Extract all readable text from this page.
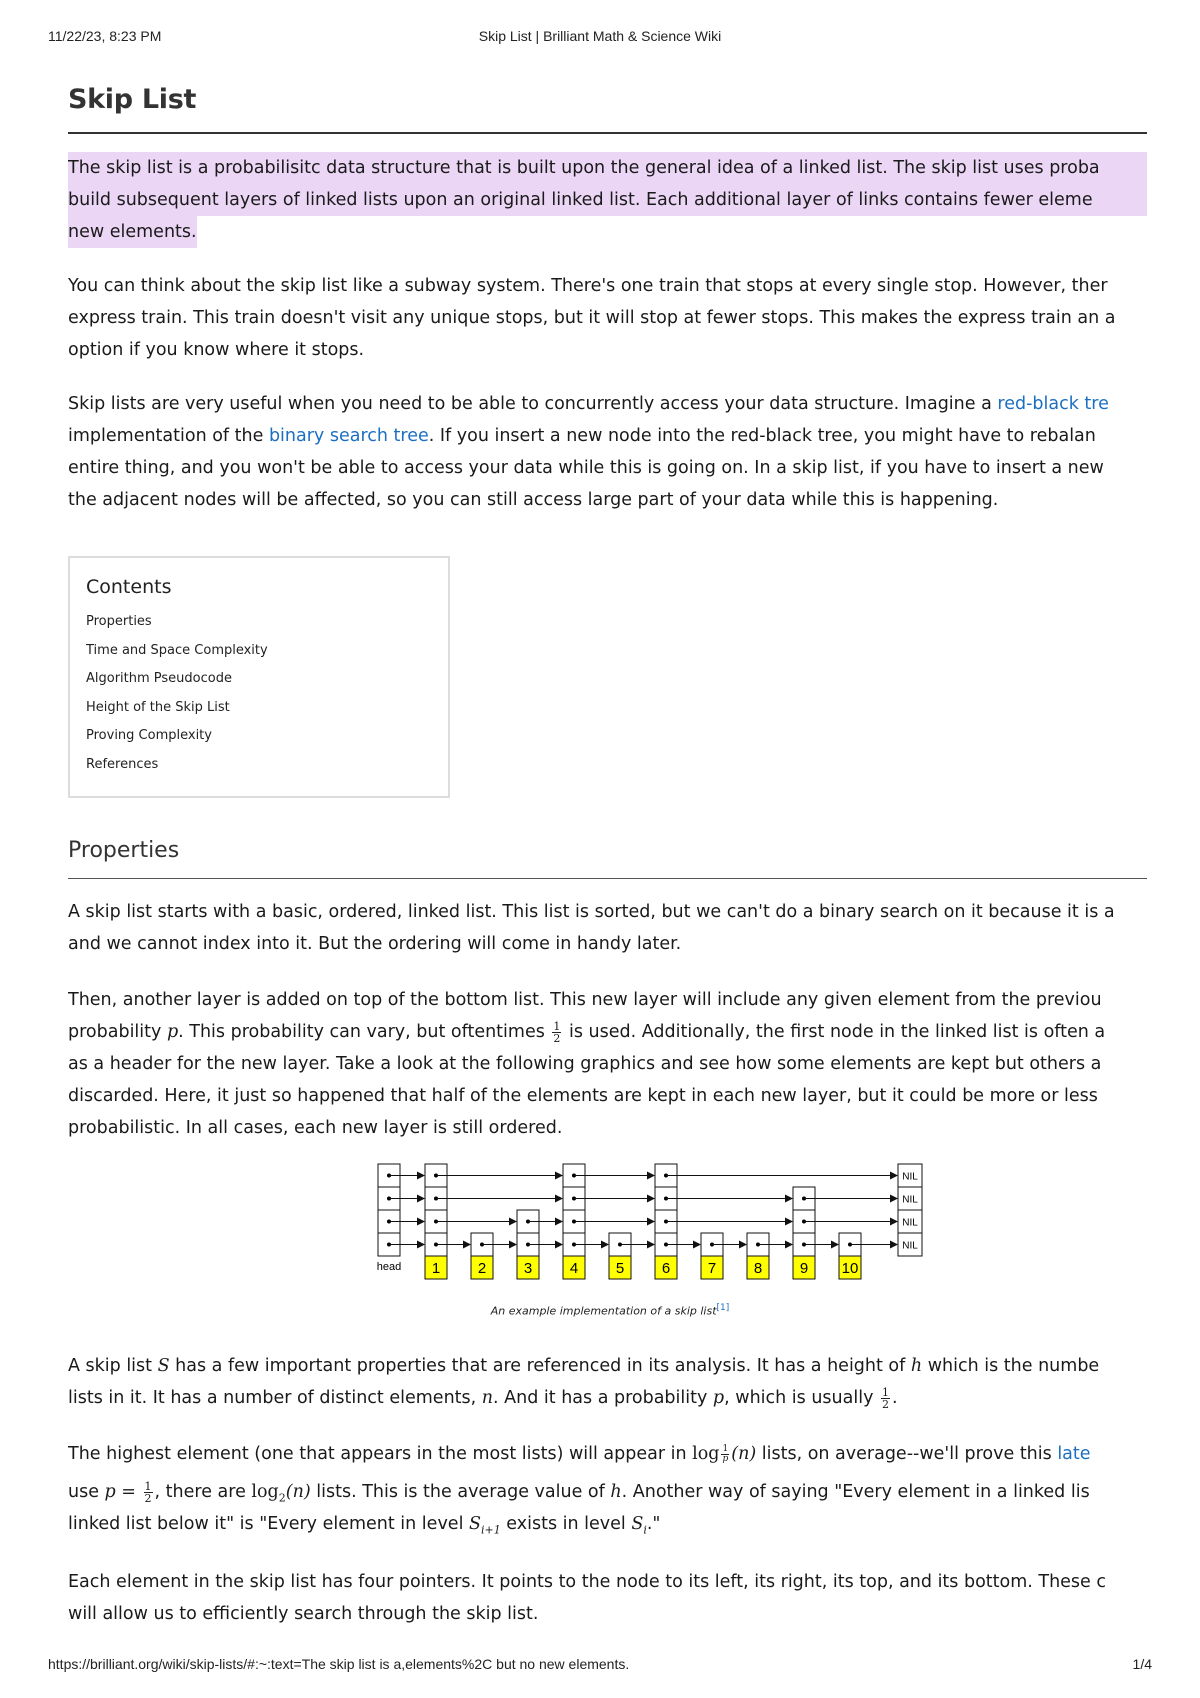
11/22/23, 8:23 PM	Skip List | Brilliant Math & Science Wiki
Skip List

The skip list is a probabilisitc data structure that is built upon the general idea of a linked list. The skip list uses proba
build subsequent layers of linked lists upon an original linked list. Each additional layer of links contains fewer eleme
new elements.

You can think about the skip list like a subway system. There's one train that stops at every single stop. However, ther
express train. This train doesn't visit any unique stops, but it will stop at fewer stops. This makes the express train an a
option if you know where it stops.

Skip lists are very useful when you need to be able to concurrently access your data structure. Imagine a red-black tre
implementation of the binary search tree. If you insert a new node into the red-black tree, you might have to rebalan
entire thing, and you won't be able to access your data while this is going on. In a skip list, if you have to insert a new
the adjacent nodes will be affected, so you can still access large part of your data while this is happening.

Contents
Properties
Time and Space Complexity
Algorithm Pseudocode
Height of the Skip List
Proving Complexity
References
Properties

A skip list starts with a basic, ordered, linked list. This list is sorted, but we can't do a binary search on it because it is a
and we cannot index into it. But the ordering will come in handy later.

Then, another layer is added on top of the bottom list. This new layer will include any given element from the previou
probability p. This probability can vary, but oftentimes $\frac{1}{2}$ is used. Additionally, the first node in the linked list is often a
as a header for the new layer. Take a look at the following graphics and see how some elements are kept but others a
discarded. Here, it just so happened that half of the elements are kept in each new layer, but it could be more or less
probabilistic. In all cases, each new layer is still ordered.

head 1	2	3	4	5	6	7	8	9 10
NIL
NIL
NIL
NIL
An example implementation of a skip list[1]

A skip list S has a few important properties that are referenced in its analysis. It has a height of h which is the numbe
lists in it. It has a number of distinct elements, n. And it has a probability p, which is usually $\frac{1}{2}$ .

The highest element (one that appears in the most lists) will appear in $\log \frac{1}{p} (n)$ lists, on average--we'll prove this late
use $p = \frac{1}{2}$ , there are $\log_2(n)$ lists. This is the average value of h. Another way of saying "Every element in a linked lis
linked list below it" is "Every element in level $S_{i+1}$ exists in level $S_i$."

Each element in the skip list has four pointers. It points to the node to its left, its right, its top, and its bottom. These c
will allow us to efficiently search through the skip list.

https://brilliant.org/wiki/skip-lists/#:~:text=The skip list is a,elements%2C but no new elements.	1/4
